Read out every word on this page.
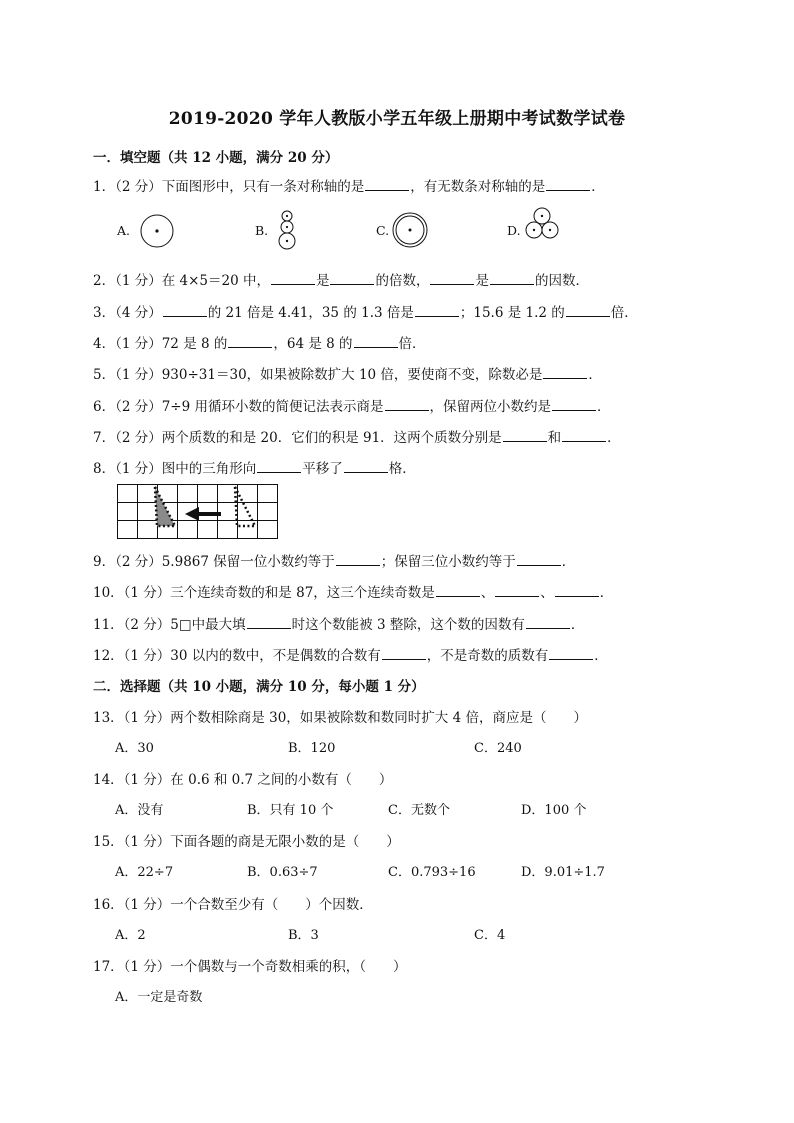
2019-2020 学年人教版小学五年级上册期中考试数学试卷
一．填空题（共 12 小题，满分 20 分）
1．（2 分）下面图形中，只有一条对称轴的是	，有无数条对称轴的是	．
A.	B.	C.	D.
2．（1 分）在 4×5＝20 中，	是	的倍数，	是	的因数．
3．（4 分）	的 21 倍是 4.41，35 的 1.3 倍是	；15.6 是 1.2 的	倍．
4．（1 分）72 是 8 的	，64 是 8 的	倍．
5．（1 分）930÷31＝30，如果被除数扩大 10 倍，要使商不变，除数必是	．
6．（2 分）7÷9 用循环小数的简便记法表示商是	，保留两位小数约是	．
7．（2 分）两个质数的和是 20．它们的积是 91．这两个质数分别是	和	．
8．（1 分）图中的三角形向	平移了	格．
9．（2 分）5.9867 保留一位小数约等于	；保留三位小数约等于	．
10．（1 分）三个连续奇数的和是 87，这三个连续奇数是	、	、	．
11．（2 分）5□中最大填	时这个数能被 3 整除，这个数的因数有	．
12．（1 分）30 以内的数中，不是偶数的合数有	，不是奇数的质数有	．
二．选择题（共 10 小题，满分 10 分，每小题 1 分）
13．（1 分）两个数相除商是 30，如果被除数和数同时扩大 4 倍，商应是（　　）
A．30	B．120	C．240
14．（1 分）在 0.6 和 0.7 之间的小数有（　　）
A．没有	B．只有 10 个	C．无数个	D．100 个
15．（1 分）下面各题的商是无限小数的是（　　）
A．22÷7	B．0.63÷7	C．0.793÷16	D．9.01÷1.7
16．（1 分）一个合数至少有（　　）个因数．
A．2	B．3	C．4
17．（1 分）一个偶数与一个奇数相乘的积，（　　）
A．一定是奇数
